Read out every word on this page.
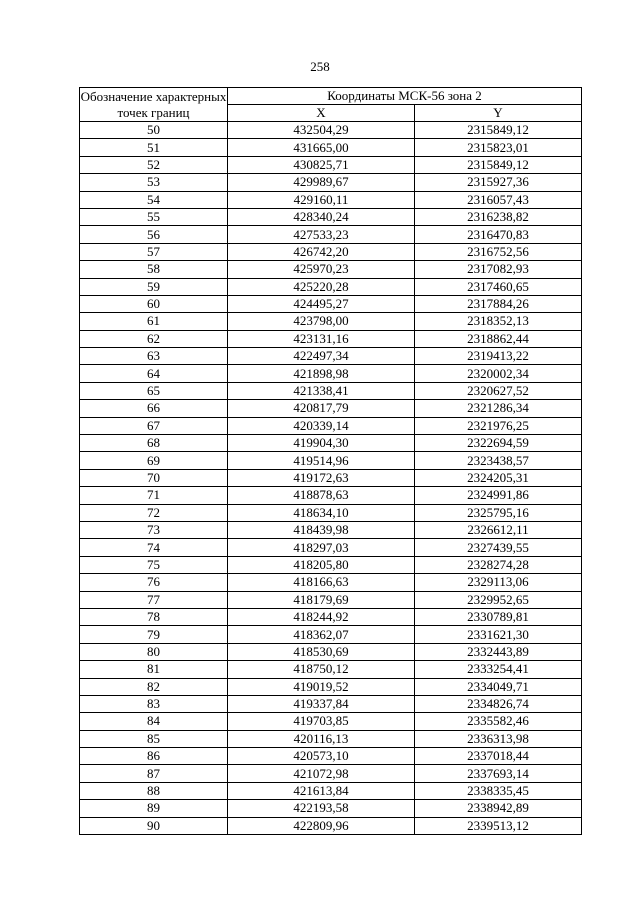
258
Обозначение характерных точек границ	Координаты МСК-56 зона 2	
	X	Y
50	432504,29	2315849,12
51	431665,00	2315823,01
52	430825,71	2315849,12
53	429989,67	2315927,36
54	429160,11	2316057,43
55	428340,24	2316238,82
56	427533,23	2316470,83
57	426742,20	2316752,56
58	425970,23	2317082,93
59	425220,28	2317460,65
60	424495,27	2317884,26
61	423798,00	2318352,13
62	423131,16	2318862,44
63	422497,34	2319413,22
64	421898,98	2320002,34
65	421338,41	2320627,52
66	420817,79	2321286,34
67	420339,14	2321976,25
68	419904,30	2322694,59
69	419514,96	2323438,57
70	419172,63	2324205,31
71	418878,63	2324991,86
72	418634,10	2325795,16
73	418439,98	2326612,11
74	418297,03	2327439,55
75	418205,80	2328274,28
76	418166,63	2329113,06
77	418179,69	2329952,65
78	418244,92	2330789,81
79	418362,07	2331621,30
80	418530,69	2332443,89
81	418750,12	2333254,41
82	419019,52	2334049,71
83	419337,84	2334826,74
84	419703,85	2335582,46
85	420116,13	2336313,98
86	420573,10	2337018,44
87	421072,98	2337693,14
88	421613,84	2338335,45
89	422193,58	2338942,89
90	422809,96	2339513,12
